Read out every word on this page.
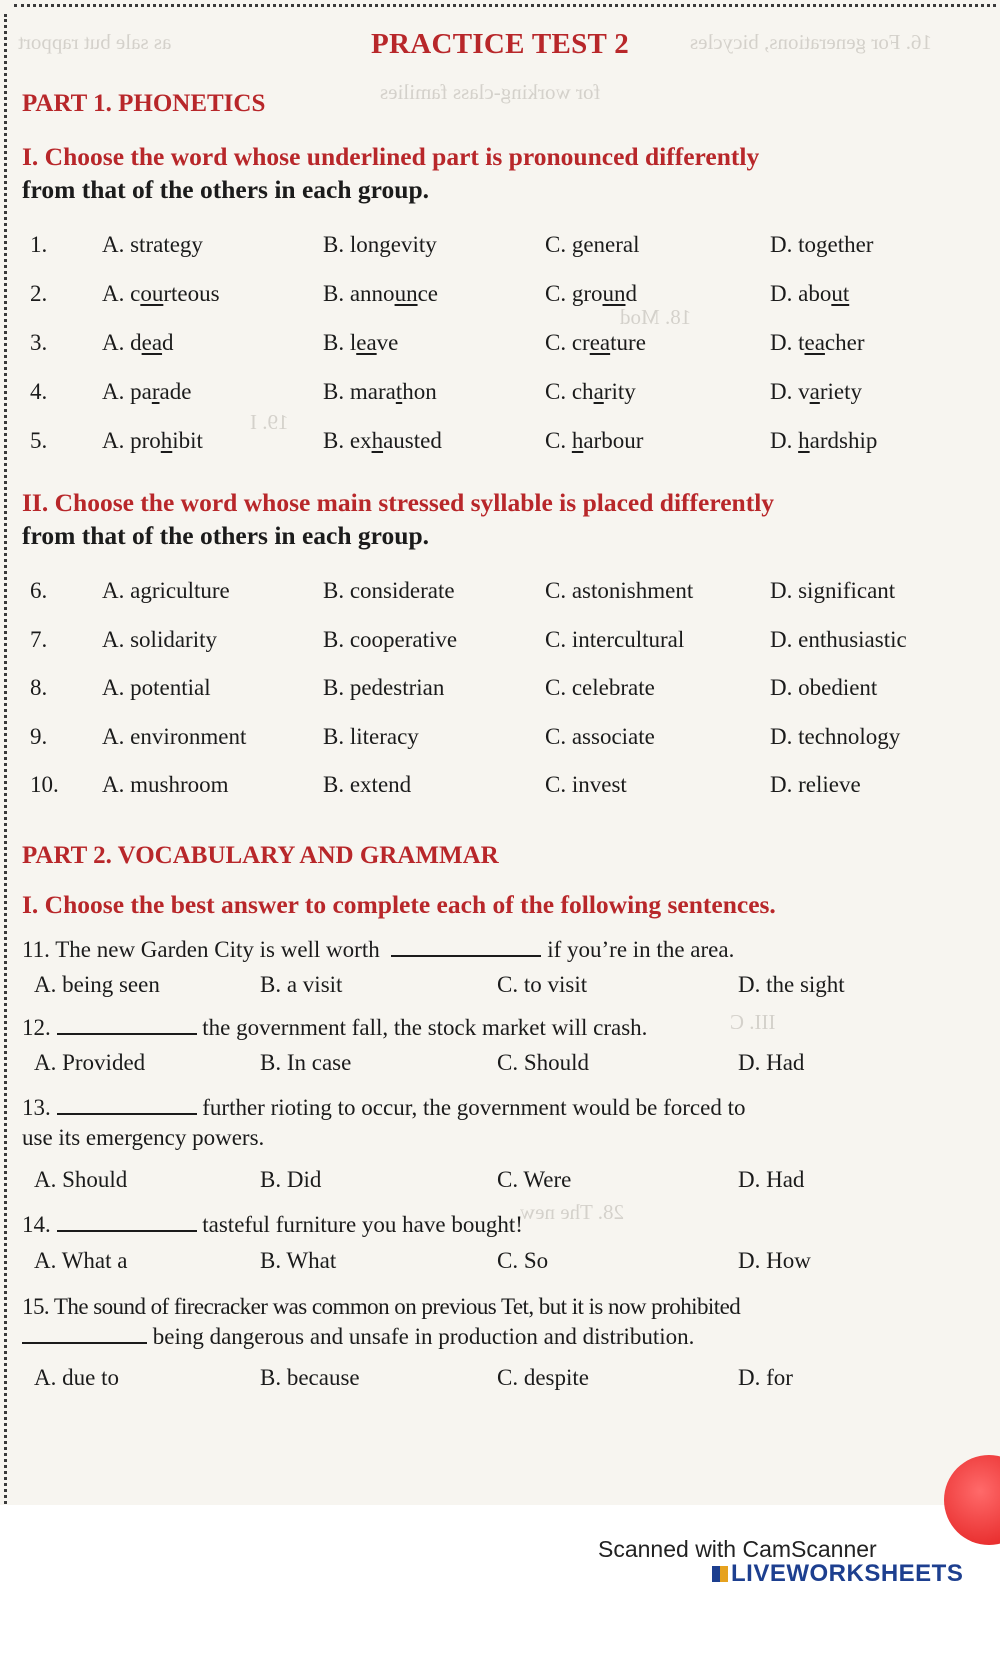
16. For generations, bicycles
as sale but rapport
for working-class families
18. Mod
19. I
III. C
28. The new
PRACTICE TEST 2
PART 1. PHONETICS
I. Choose the word whose underlined part is pronounced differently
from that of the others in each group.
1. A. strategy	B. longevity	C. general	D. together
2. A. courteous	B. announce	C. ground	D. about
3. A. dead	B. leave	C. creature	D. teacher
4. A. parade	B. marathon	C. charity	D. variety
5. A. prohibit	B. exhausted	C. harbour	D. hardship
II. Choose the word whose main stressed syllable is placed differently
from that of the others in each group.
6. A. agriculture	B. considerate	C. astonishment	D. significant
7. A. solidarity	B. cooperative	C. intercultural	D. enthusiastic
8. A. potential	B. pedestrian	C. celebrate	D. obedient
9. A. environment	B. literacy	C. associate	D. technology
10. A. mushroom	B. extend	C. invest	D. relieve
PART 2. VOCABULARY AND GRAMMAR
I. Choose the best answer to complete each of the following sentences.
11. The new Garden City is well worth	if you’re in the area.
A. being seen	B. a visit	C. to visit	D. the sight
12.	the government fall, the stock market will crash.
A. Provided	B. In case	C. Should	D. Had
13.	further rioting to occur, the government would be forced to
use its emergency powers.
A. Should	B. Did	C. Were	D. Had
14.	tasteful furniture you have bought!
A. What a	B. What	C. So	D. How
15. The sound of firecracker was common on previous Tet, but it is now prohibited
being dangerous and unsafe in production and distribution.
A. due to	B. because	C. despite	D. for
Scanned with CamScanner
LIVEWORKSHEETS
